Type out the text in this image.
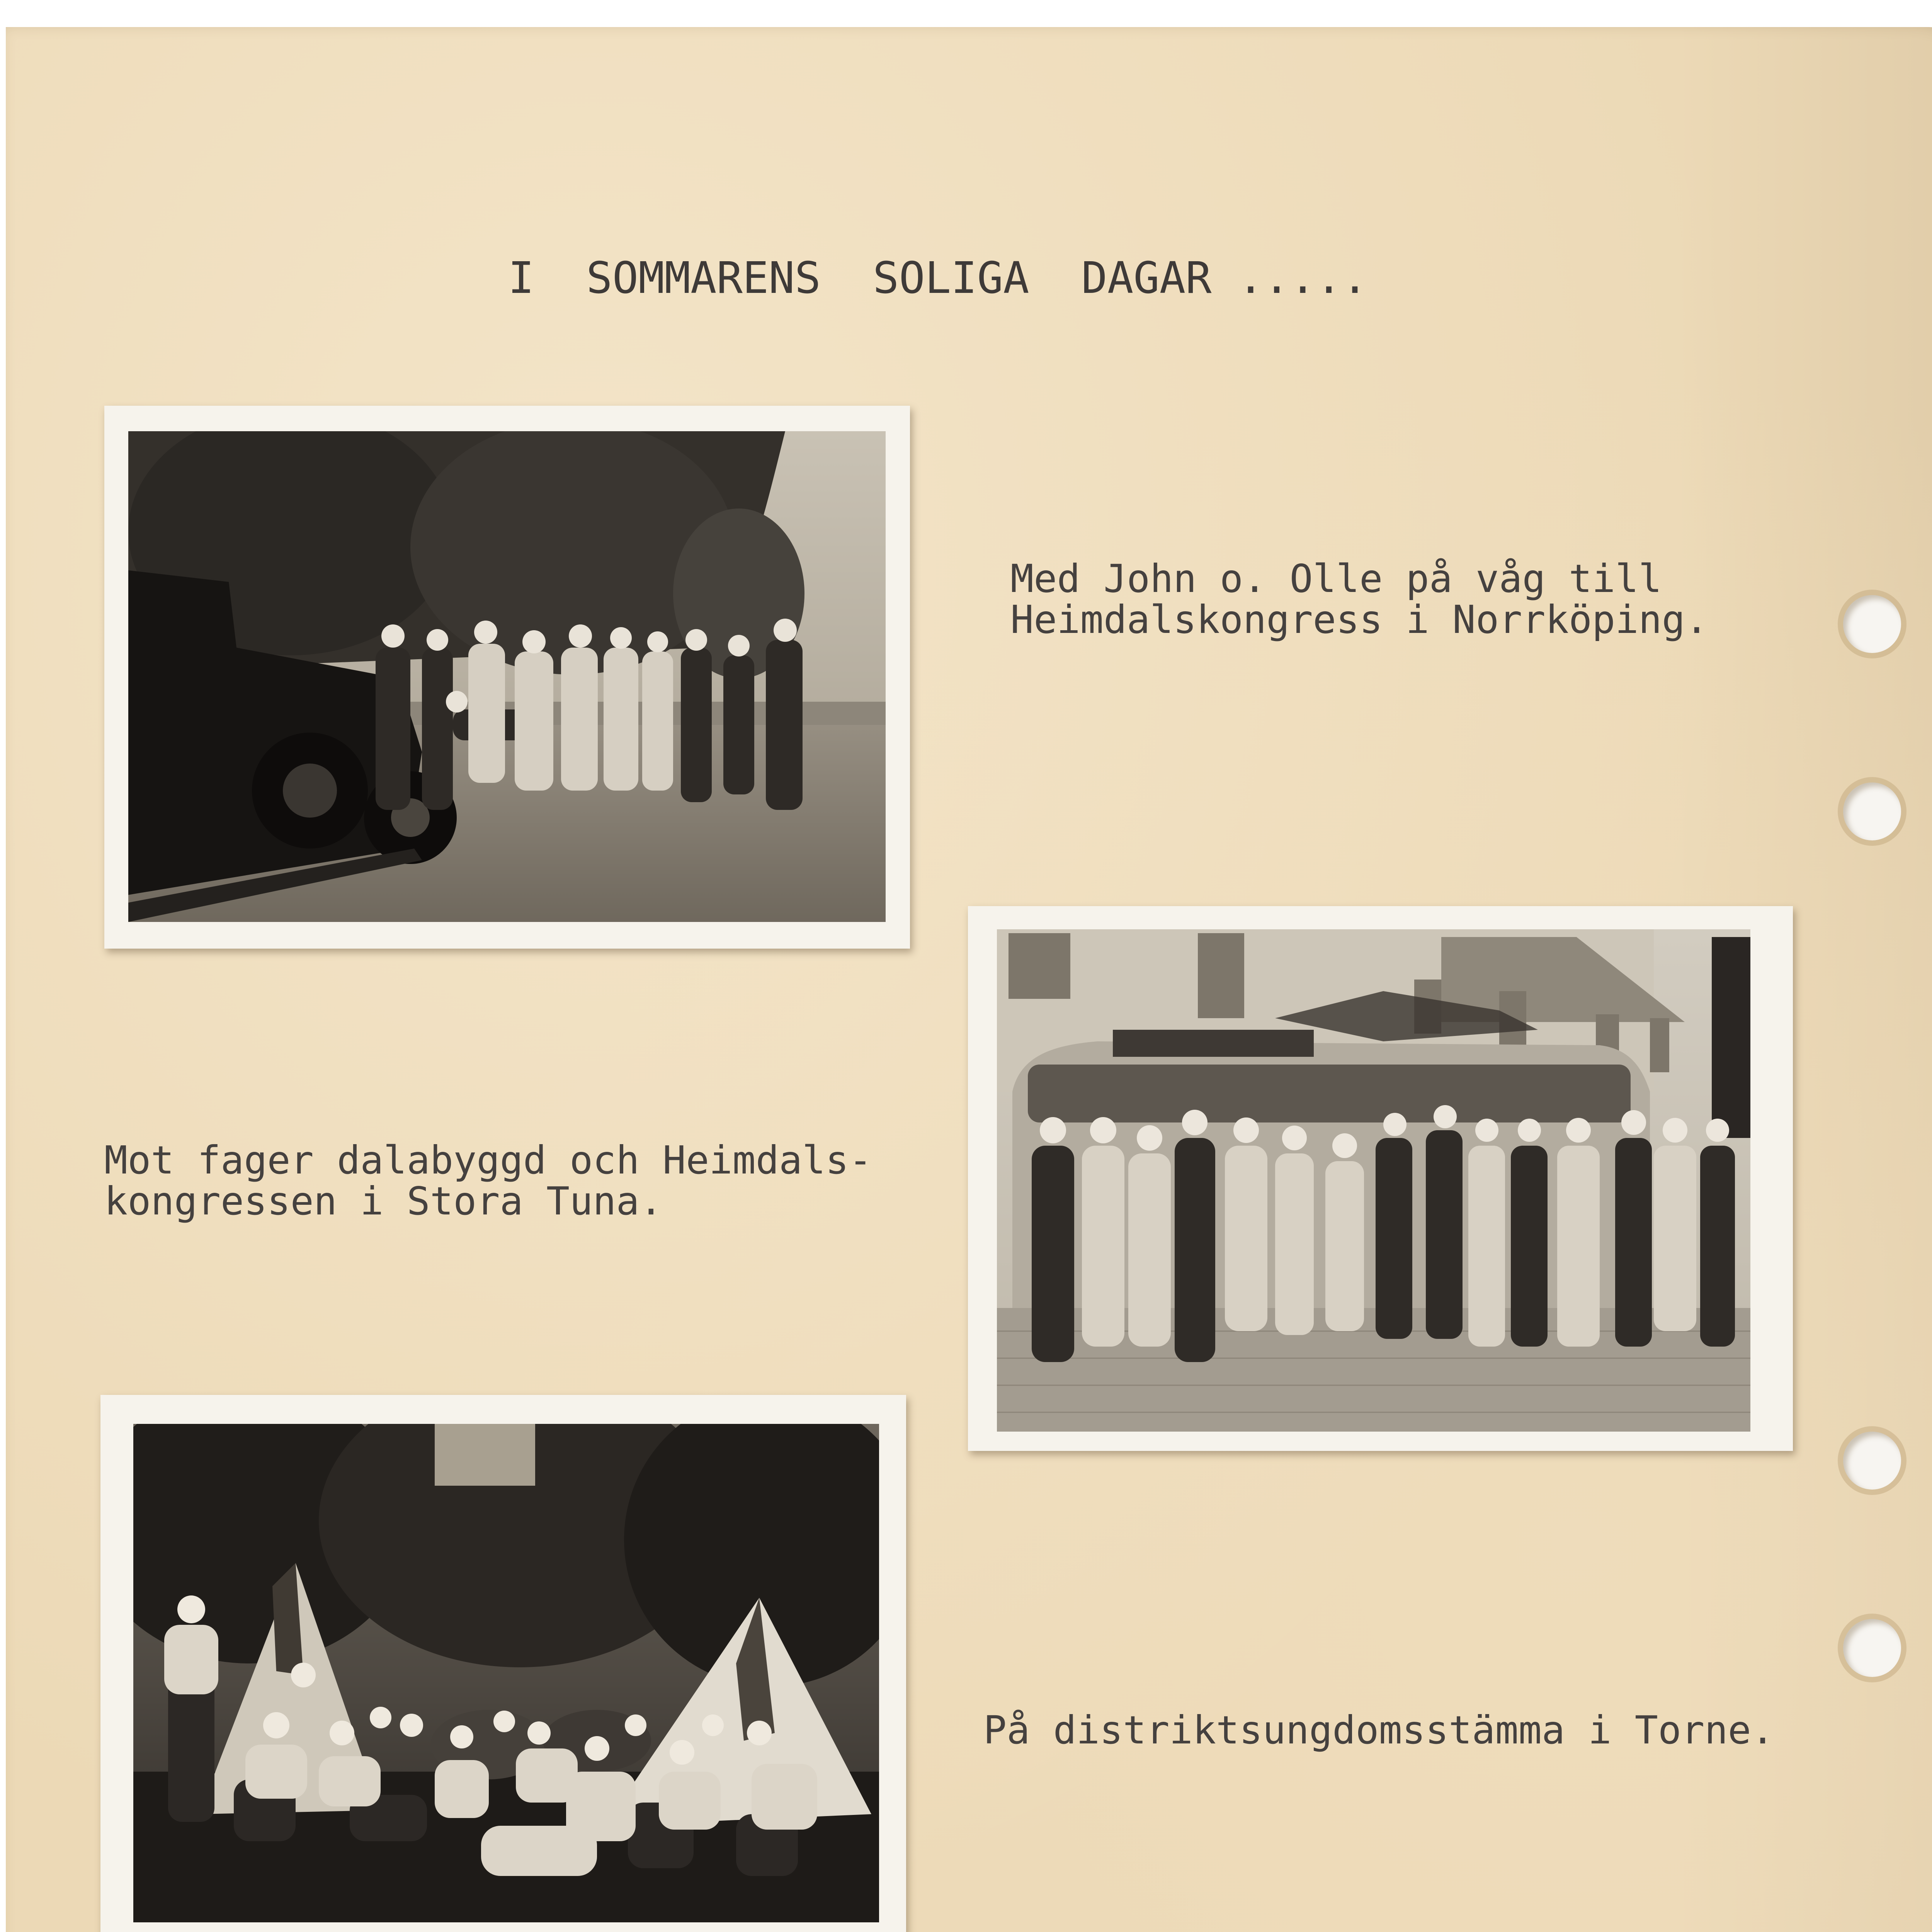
I  SOMMARENS  SOLIGA  DAGAR .....
Med John o. Olle på våg till
Heimdalskongress i Norrköping.
Mot fager dalabyggd och Heimdals-
kongressen i Stora Tuna.
På distriktsungdomsstämma i Torne.
